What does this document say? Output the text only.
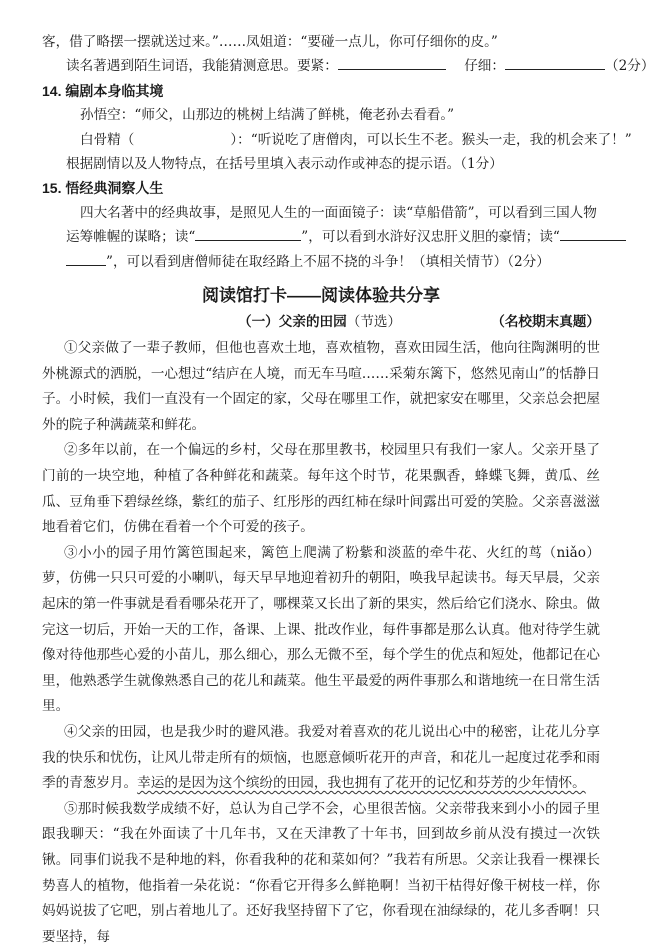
客，借了略摆一摆就送过来。”……凤姐道：“要碰一点儿，你可仔细你的皮。”
读名著遇到陌生词语，我能猜测意思。要紧：	仔细：	（2分）
14. 编剧本身临其境
孙悟空：“师父，山那边的桃树上结满了鲜桃，俺老孙去看看。”
白骨精（	）：“听说吃了唐僧肉，可以长生不老。猴头一走，我的机会来了！”
根据剧情以及人物特点，在括号里填入表示动作或神态的提示语。（1分）
15. 悟经典洞察人生
四大名著中的经典故事，是照见人生的一面面镜子：读“草船借箭”，可以看到三国人物
运筹帷幄的谋略；读“	”，可以看到水浒好汉忠肝义胆的豪情；读“
”，可以看到唐僧师徒在取经路上不屈不挠的斗争！（填相关情节）（2分）
阅读馆打卡——阅读体验共分享
（一）父亲的田园（节选）	（名校期末真题）
①父亲做了一辈子教师，但他也喜欢土地，喜欢植物，喜欢田园生活，他向往陶渊明的世外桃源式的洒脱，一心想过“结庐在人境，而无车马喧……采菊东篱下，悠然见南山”的恬静日子。小时候，我们一直没有一个固定的家，父母在哪里工作，就把家安在哪里，父亲总会把屋外的院子种满蔬菜和鲜花。
②多年以前，在一个偏远的乡村，父母在那里教书，校园里只有我们一家人。父亲开垦了门前的一块空地，种植了各种鲜花和蔬菜。每年这个时节，花果飘香，蜂蝶飞舞，黄瓜、丝瓜、豆角垂下碧绿丝绦，紫红的茄子、红彤彤的西红柿在绿叶间露出可爱的笑脸。父亲喜滋滋地看着它们，仿佛在看着一个个可爱的孩子。
③小小的园子用竹篱笆围起来，篱笆上爬满了粉紫和淡蓝的牵牛花、火红的茑（niǎo）萝，仿佛一只只可爱的小喇叭，每天早早地迎着初升的朝阳，唤我早起读书。每天早晨，父亲起床的第一件事就是看看哪朵花开了，哪棵菜又长出了新的果实，然后给它们浇水、除虫。做完这一切后，开始一天的工作，备课、上课、批改作业，每件事都是那么认真。他对待学生就像对待他那些心爱的小苗儿，那么细心，那么无微不至，每个学生的优点和短处，他都记在心里，他熟悉学生就像熟悉自己的花儿和蔬菜。他生平最爱的两件事那么和谐地统一在日常生活里。
④父亲的田园，也是我少时的避风港。我爱对着喜欢的花儿说出心中的秘密，让花儿分享我的快乐和忧伤，让风儿带走所有的烦恼，也愿意倾听花开的声音，和花儿一起度过花季和雨季的青葱岁月。幸运的是因为这个缤纷的田园，我也拥有了花开的记忆和芬芳的少年情怀。
⑤那时候我数学成绩不好，总认为自己学不会，心里很苦恼。父亲带我来到小小的园子里跟我聊天：“我在外面读了十几年书，又在天津教了十年书，回到故乡前从没有摸过一次铁锹。同事们说我不是种地的料，你看我种的花和菜如何？”我若有所思。父亲让我看一棵裸长势喜人的植物，他指着一朵花说：“你看它开得多么鲜艳啊！当初干枯得好像干树枝一样，你妈妈说拔了它吧，别占着地儿了。还好我坚持留下了它，你看现在油绿绿的，花儿多香啊！只要坚持，每
